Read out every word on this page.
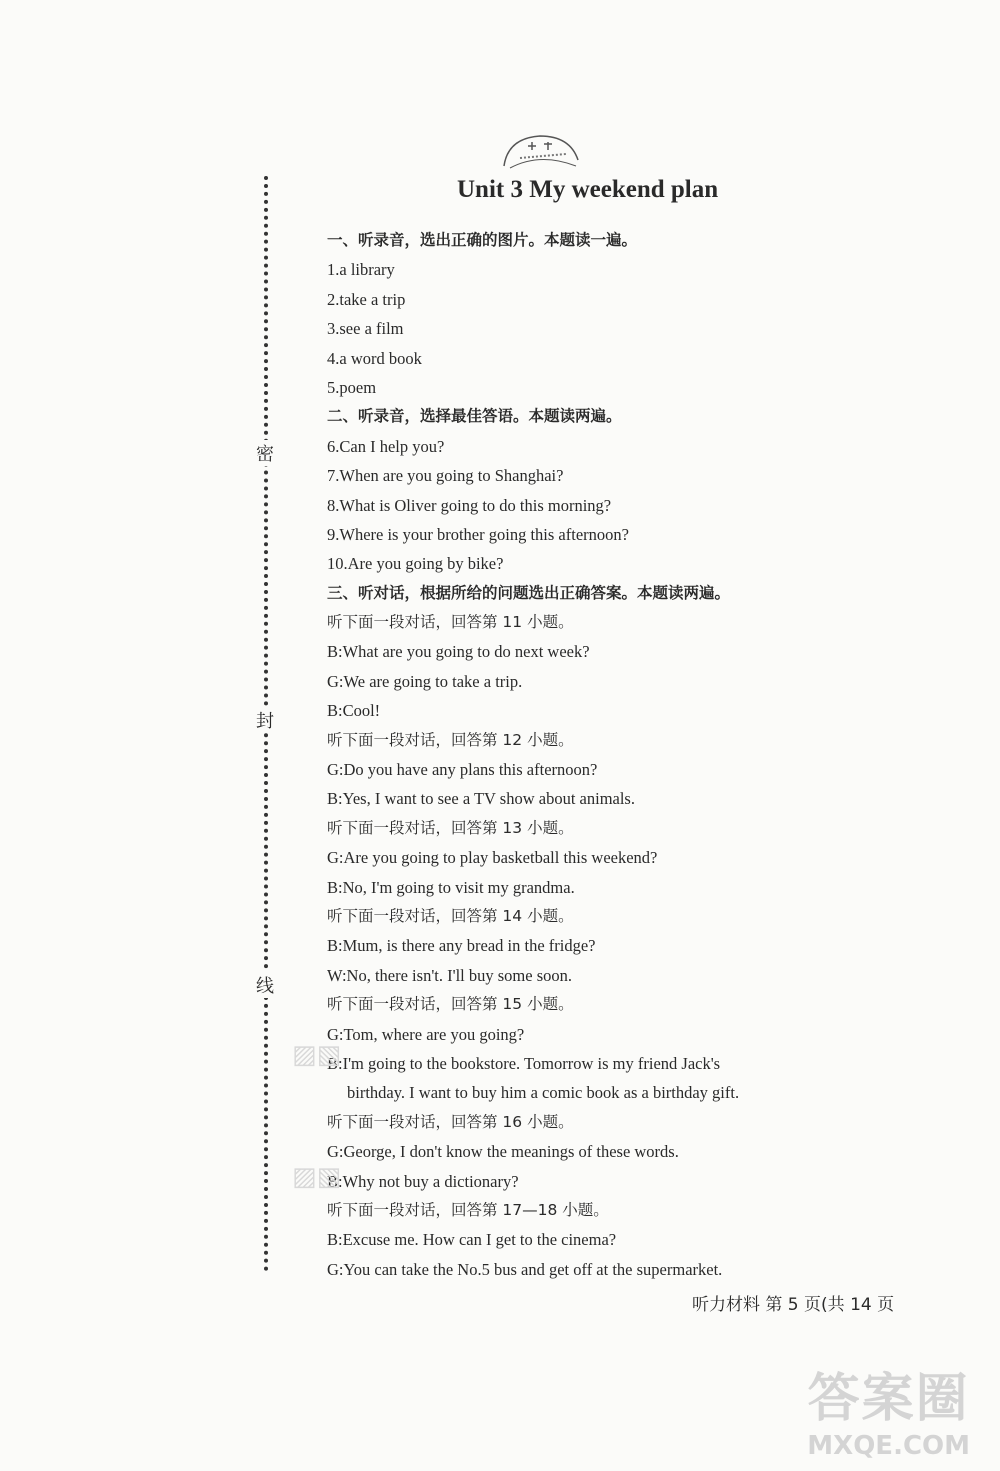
密
封
线
Unit 3 My weekend plan
一、听录音，选出正确的图片。本题读一遍。
1.a library
2.take a trip
3.see a film
4.a word book
5.poem
二、听录音，选择最佳答语。本题读两遍。
6.Can I help you?
7.When are you going to Shanghai?
8.What is Oliver going to do this morning?
9.Where is your brother going this afternoon?
10.Are you going by bike?
三、听对话，根据所给的问题选出正确答案。本题读两遍。
听下面一段对话，回答第 11 小题。
B:What are you going to do next week?
G:We are going to take a trip.
B:Cool!
听下面一段对话，回答第 12 小题。
G:Do you have any plans this afternoon?
B:Yes, I want to see a TV show about animals.
听下面一段对话，回答第 13 小题。
G:Are you going to play basketball this weekend?
B:No, I'm going to visit my grandma.
听下面一段对话，回答第 14 小题。
B:Mum, is there any bread in the fridge?
W:No, there isn't. I'll buy some soon.
听下面一段对话，回答第 15 小题。
G:Tom, where are you going?
B:I'm going to the bookstore. Tomorrow is my friend Jack's
birthday. I want to buy him a comic book as a birthday gift.
听下面一段对话，回答第 16 小题。
G:George, I don't know the meanings of these words.
B:Why not buy a dictionary?
听下面一段对话，回答第 17—18 小题。
B:Excuse me. How can I get to the cinema?
G:You can take the No.5 bus and get off at the supermarket.
▨▧
▨▧
听力材料 第 5 页(共 14 页
答案圈
MXQE.COM
